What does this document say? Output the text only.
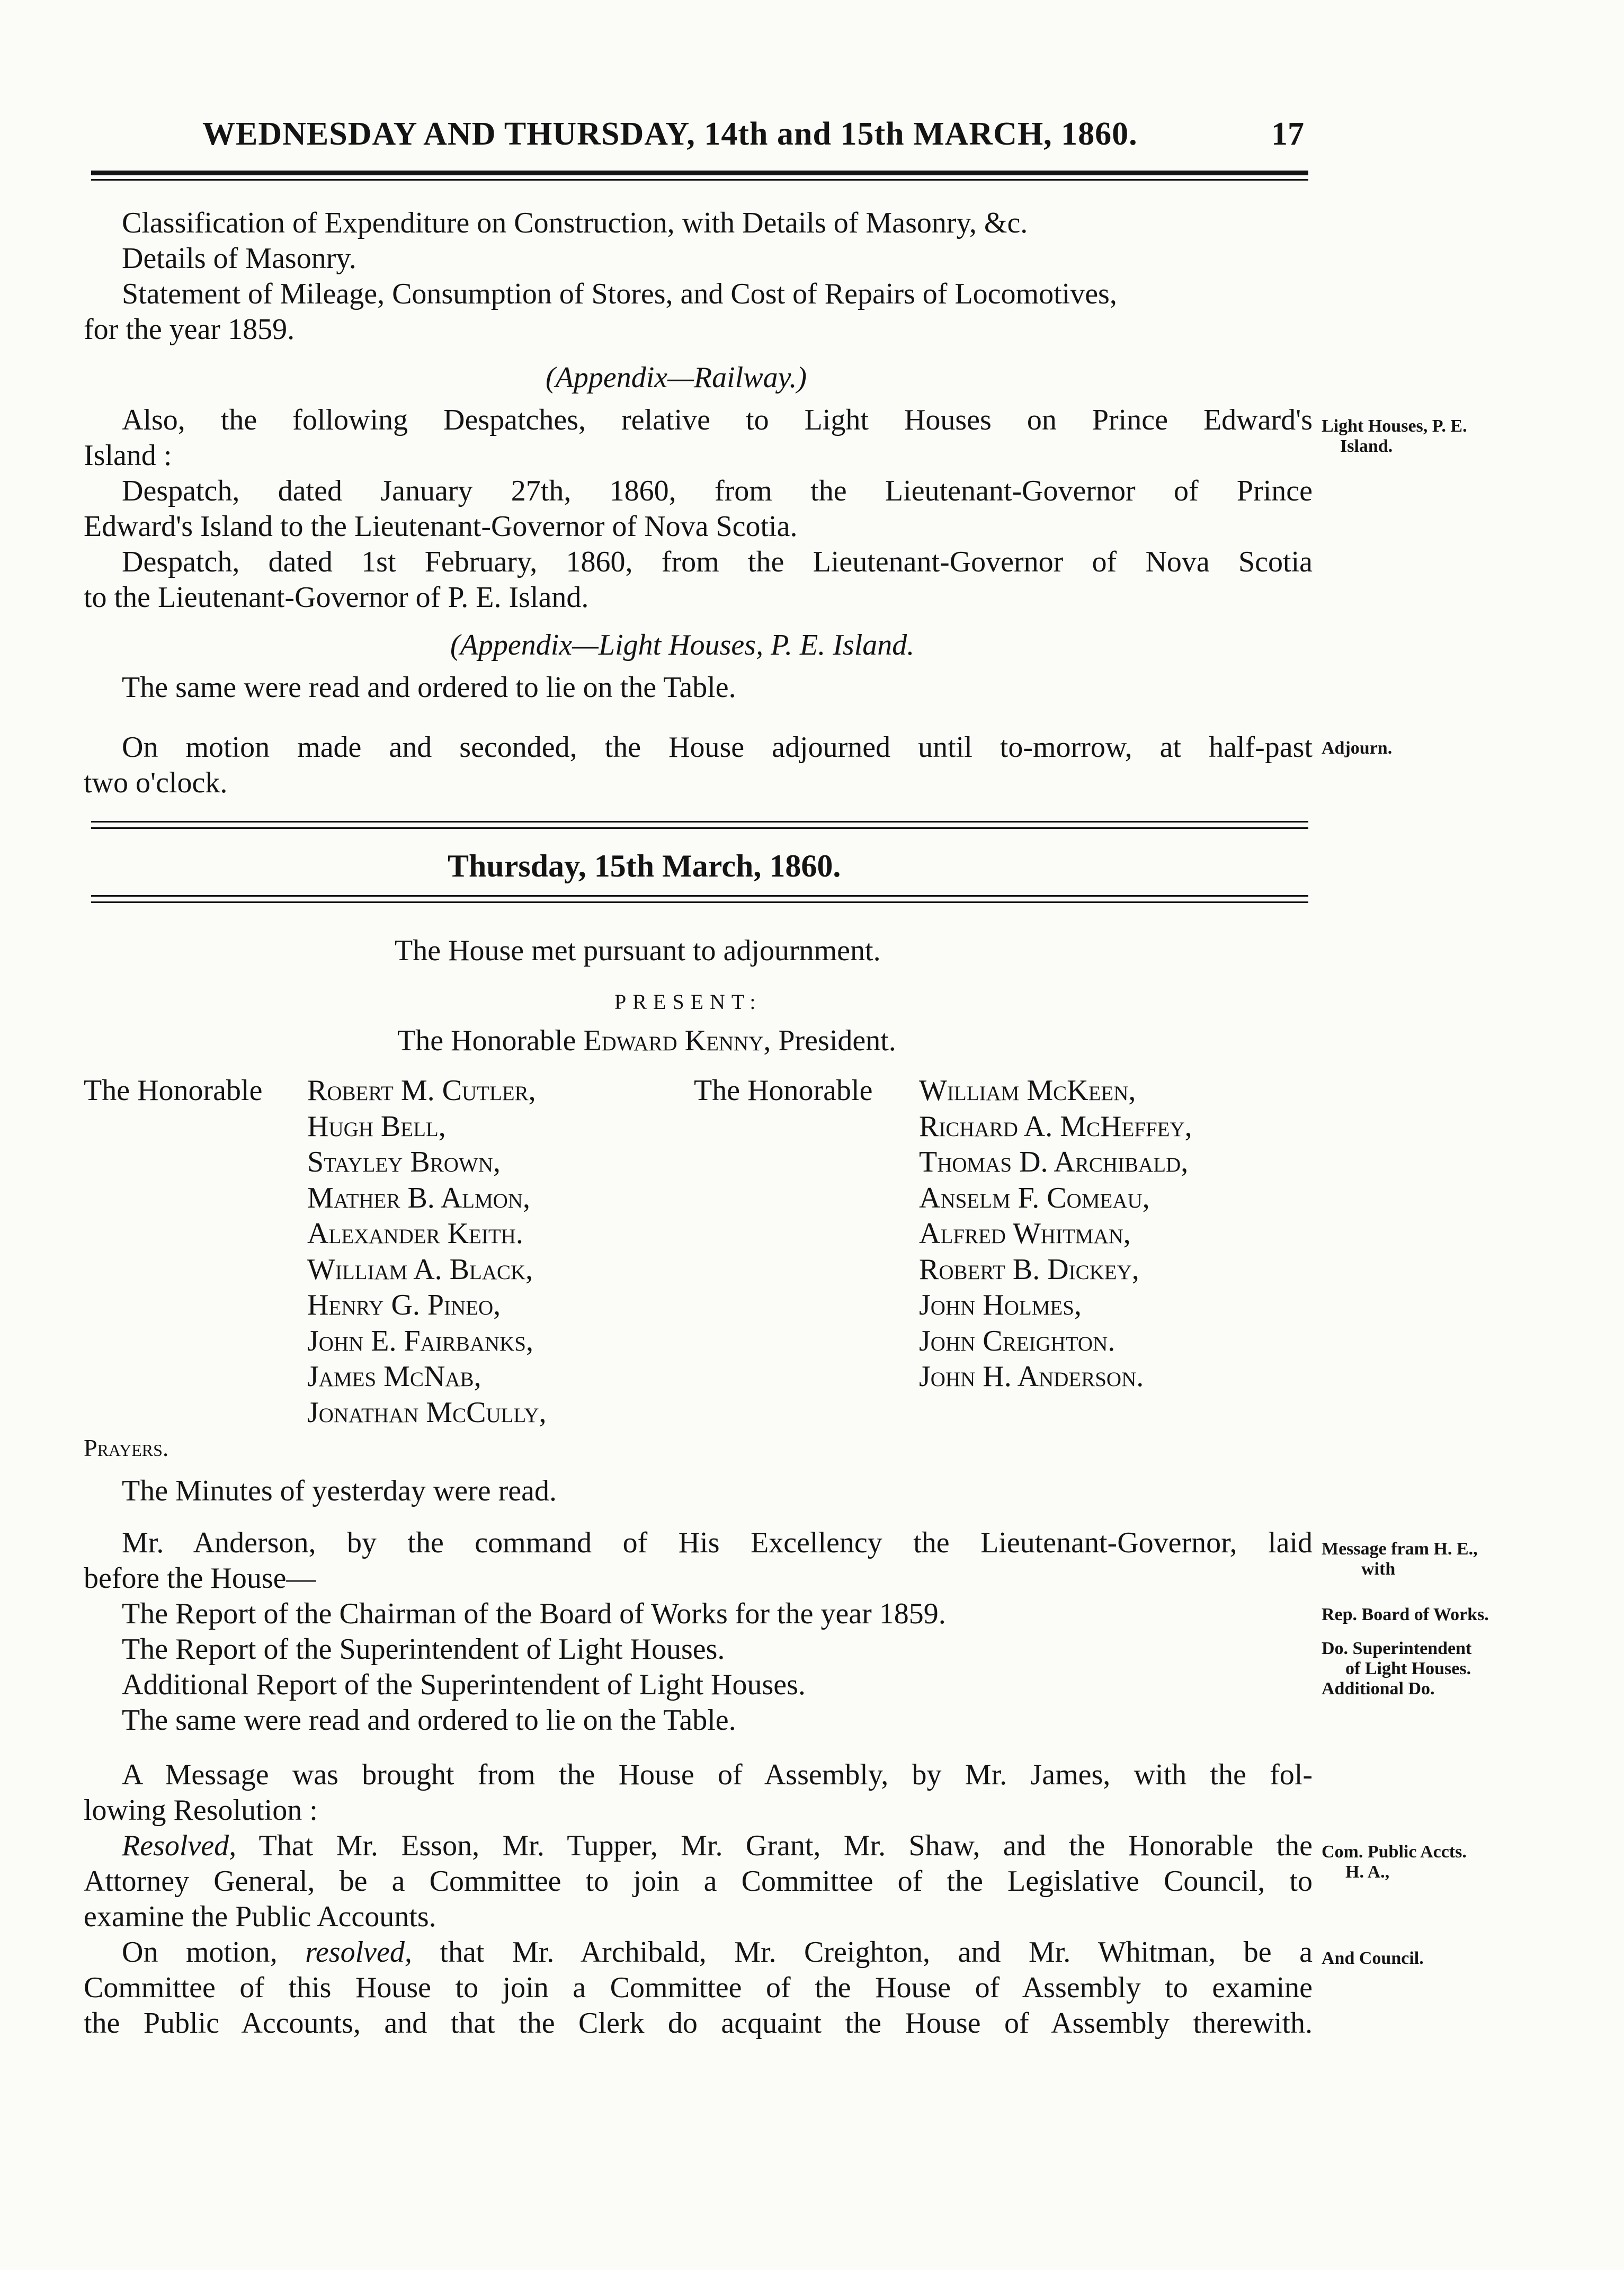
WEDNESDAY AND THURSDAY, 14th and 15th MARCH, 1860.	17
Classification of Expenditure on Construction, with Details of Masonry, &c.
Details of Masonry.
Statement of Mileage, Consumption of Stores, and Cost of Repairs of Locomotives,
for the year 1859.
(Appendix—Railway.)
Also, the following Despatches, relative to Light Houses on Prince Edward's
Island :
Despatch, dated January 27th, 1860, from the Lieutenant-Governor of Prince
Edward's Island to the Lieutenant-Governor of Nova Scotia.
Despatch, dated 1st February, 1860, from the Lieutenant-Governor of Nova Scotia
to the Lieutenant-Governor of P. E. Island.
(Appendix—Light Houses, P. E. Island.
The same were read and ordered to lie on the Table.
On motion made and seconded, the House adjourned until to-morrow, at half-past
two o'clock.
Light Houses, P. E.
Island.
Adjourn.
Thursday, 15th March, 1860.
The House met pursuant to adjournment.
PRESENT:
The Honorable Edward Kenny, President.
The Honorable Robert M. Cutler,
Hugh Bell,
Stayley Brown,
Mather B. Almon,
Alexander Keith.
William A. Black,
Henry G. Pineo,
John E. Fairbanks,
James McNab,
Jonathan McCully,
The Honorable William McKeen,
Richard A. McHeffey,
Thomas D. Archibald,
Anselm F. Comeau,
Alfred Whitman,
Robert B. Dickey,
John Holmes,
John Creighton.
John H. Anderson.
Prayers.
The Minutes of yesterday were read.
Mr. Anderson, by the command of His Excellency the Lieutenant-Governor, laid
before the House—
The Report of the Chairman of the Board of Works for the year 1859.
The Report of the Superintendent of Light Houses.
Additional Report of the Superintendent of Light Houses.
The same were read and ordered to lie on the Table.
A Message was brought from the House of Assembly, by Mr. James, with the fol-
lowing Resolution :
Resolved, That Mr. Esson, Mr. Tupper, Mr. Grant, Mr. Shaw, and the Honorable the
Attorney General, be a Committee to join a Committee of the Legislative Council, to
examine the Public Accounts.
On motion, resolved, that Mr. Archibald, Mr. Creighton, and Mr. Whitman, be a
Committee of this House to join a Committee of the House of Assembly to examine
the Public Accounts, and that the Clerk do acquaint the House of Assembly therewith.
Message fram H. E.,
with
Rep. Board of Works.
Do. Superintendent
of Light Houses.
Additional Do.
Com. Public Accts.
H. A.,
And Council.
